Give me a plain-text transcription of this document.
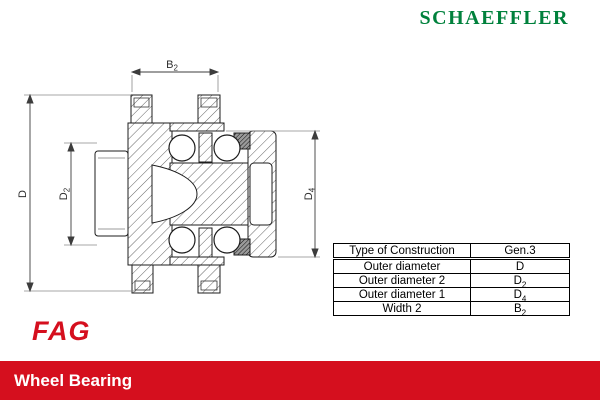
SCHAEFFLER
$B_2$
D	$D_2$
$D_4$
Type of Construction	Gen.3
Outer diameter	D
Outer diameter 2	$D_2$
Outer diameter 1	$D_4$
Width 2	$B_2$
FAG
Wheel Bearing
